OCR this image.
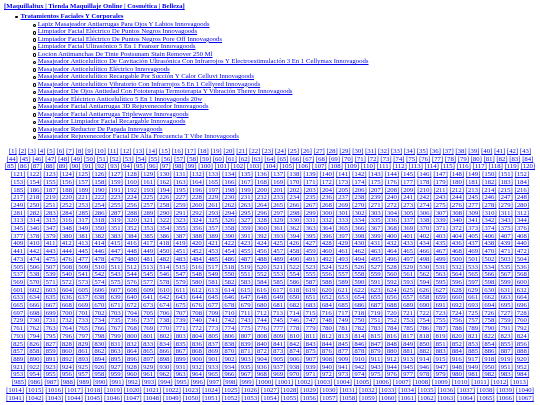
[Maquillaltux | Tienda Maquillaje Online | Cosmética | Belleza]
Tratamientos Faciales Y Corporales
Lapiz Masajeador Antiarrugas Para Ojos Y Labios Innovagoods
Limpiador Facial Eléctrico De Puntos Negros Innovagoods
Limpiador Facial Eléctrico De Puntos Negros Pore Off Innovagoods
Limpiador Facial Ultrasónico 5 En 1 Feanser Innovagoods
Locion Antimanchas De Tinte Postsunam Stain Remover 250 Ml
Masajeador Anticelulítico De Cavitación Ultrasónica Con Infrarrojos Y Electroestimulación 3 En 1 Cellymax Innovagoods
Masajeador Anticelulítico Eléctrico Innovagoods
Masajeador Anticelulítico Recargable Por Succión Y Calor Celluvt Innovagoods
Masajeador Anticelulítico Vibratorio Con Infrarrojos 5 En 1 Cellyred Innovagoods
Masajeador De Ojos Antiedad Con Fototerapia Termoterapia Y Vibración Therey Innovagoods
Masajeador Eléctrico Anticelulítico 5 En 1 Innovagoods 20w
Masajeador Facial Antiarrugas 3D Rejuvenecedor Innovagoods
Masajeador Facial Antiarrugas Triplewave Innovagoods
Masajeador Limpiador Facial Recargable Innovagoods
Masajeador Reductor De Papada Innovagoods
Masajeador Rejuvenecedor Facial De Alta Frecuencia T Vibe Innovagoods
[1] [2] [3] [4] [5] [6] [7] [8] [9] [10] [11] [12] [13] [14] [15] [16] [17] [18] [19] [20] [21] [22] [23] [24] [25] [26] [27] [28] [29] [30] [31] [32] [33] [34] [35] [36] [37] [38] [39] [40] [41] [42] [43] [44] [45] [46] [47] [48] [49] [50] [51] [52] [53] [54] [55] [56] [57] [58] [59] [60] [61] [62] [63] [64] [65] [66] [67] [68] [69] [70] [71] [72] [73] [74] [75] [76] [77] [78] [79] [80] [81] [82] [83] [84] [85] [86] [87] [88] [89] [90] [91] [92] [93] [94] [95] [96] [97] [98] [99] [100] [101] [102] [103] [104] [105] [106] [107] [108] [109] [110] [111] [112] [113] [114] [115] [116] [117] [118] [119] [120] [121] [122] [123] [124] [125] [126] [127] [128] [129] [130] [131] [132] [133] [134] [135] [136] [137] [138] [139] [140] [141] [142] [143] [144] [145] [146] [147] [148] [149] [150] [151] [152] [153] [154] [155] [156] [157] [158] [159] [160] [161] [162] [163] [164] [165] [166] [167] [168] [169] [170] [171] [172] [173] [174] [175] [176] [177] [178] [179] [180] [181] [182] [183] [184] [185] [186] [187] [188] [189] [190] [191] [192] [193] [194] [195] [196] [197] [198] [199] [200] [201] [202] [203] [204] [205] [206] [207] [208] [209] [210] [211] [212] [213] [214] [215] [216] [217] [218] [219] [220] [221] [222] [223] [224] [225] [226] [227] [228] [229] [230] [231] [232] [233] [234] [235] [236] [237] [238] [239] [240] [241] [242] [243] [244] [245] [246] [247] [248] [249] [250] [251] [252] [253] [254] [255] [256] [257] [258] [259] [260] [261] [262] [263] [264] [265] [266] [267] [268] [269] [270] [271] [272] [273] [274] [275] [276] [277] [278] [279] [280] [281] [282] [283] [284] [285] [286] [287] [288] [289] [290] [291] [292] [293] [294] [295] [296] [297] [298] [299] [300] [301] [302] [303] [304] [305] [306] [307] [308] [309] [310] [311] [312] [313] [314] [315] [316] [317] [318] [319] [320] [321] [322] [323] [324] [325] [326] [327] [328] [329] [330] [331] [332] [333] [334] [335] [336] [337] [338] [339] [340] [341] [342] [343] [344] [345] [346] [347] [348] [349] [350] [351] [352] [353] [354] [355] [356] [357] [358] [359] [360] [361] [362] [363] [364] [365] [366] [367] [368] [369] [370] [371] [372] [373] [374] [375] [376] [377] [378] [379] [380] [381] [382] [383] [384] [385] [386] [387] [388] [389] [390] [391] [392] [393] [394] [395] [396] [397] [398] [399] [400] [401] [402] [403] [404] [405] [406] [407] [408] [409] [410] [411] [412] [413] [414] [415] [416] [417] [418] [419] [420] [421] [422] [423] [424] [425] [426] [427] [428] [429] [430] [431] [432] [433] [434] [435] [436] [437] [438] [439] [440] [441] [442] [443] [444] [445] [446] [447] [448] [449] [450] [451] [452] [453] [454] [455] [456] [457] [458] [459] [460] [461] [462] [463] [464] [465] [466] [467] [468] [469] [470] [471] [472] [473] [474] [475] [476] [477] [478] [479] [480] [481] [482] [483] [484] [485] [486] [487] [488] [489] [490] [491] [492] [493] [494] [495] [496] [497] [498] [499] [500] [501] [502] [503] [504] [505] [506] [507] [508] [509] [510] [511] [512] [513] [514] [515] [516] [517] [518] [519] [520] [521] [522] [523] [524] [525] [526] [527] [528] [529] [530] [531] [532] [533] [534] [535] [536] [537] [538] [539] [540] [541] [542] [543] [544] [545] [546] [547] [548] [549] [550] [551] [552] [553] [554] [555] [556] [557] [558] [559] [560] [561] [562] [563] [564] [565] [566] [567] [568] [569] [570] [571] [572] [573] [574] [575] [576] [577] [578] [579] [580] [581] [582] [583] [584] [585] [586] [587] [588] [589] [590] [591] [592] [593] [594] [595] [596] [597] [598] [599] [600] [601] [602] [603] [604] [605] [606] [607] [608] [609] [610] [611] [612] [613] [614] [615] [616] [617] [618] [619] [620] [621] [622] [623] [624] [625] [626] [627] [628] [629] [630] [631] [632] [633] [634] [635] [636] [637] [638] [639] [640] [641] [642] [643] [644] [645] [646] [647] [648] [649] [650] [651] [652] [653] [654] [655] [656] [657] [658] [659] [660] [661] [662] [663] [664] [665] [666] [667] [668] [669] [670] [671] [672] [673] [674] [675] [676] [677] [678] [679] [680] [681] [682] [683] [684] [685] [686] [687] [688] [689] [690] [691] [692] [693] [694] [695] [696] [697] [698] [699] [700] [701] [702] [703] [704] [705] [706] [707] [708] [709] [710] [711] [712] [713] [714] [715] [716] [717] [718] [719] [720] [721] [722] [723] [724] [725] [726] [727] [728] [729] [730] [731] [732] [733] [734] [735] [736] [737] [738] [739] [740] [741] [742] [743] [744] [745] [746] [747] [748] [749] [750] [751] [752] [753] [754] [755] [756] [757] [758] [759] [760] [761] [762] [763] [764] [765] [766] [767] [768] [769] [770] [771] [772] [773] [774] [775] [776] [777] [778] [779] [780] [781] [782] [783] [784] [785] [786] [787] [788] [789] [790] [791] [792] [793] [794] [795] [796] [797] [798] [799] [800] [801] [802] [803] [804] [805] [806] [807] [808] [809] [810] [811] [812] [813] [814] [815] [816] [817] [818] [819] [820] [821] [822] [823] [824] [825] [826] [827] [828] [829] [830] [831] [832] [833] [834] [835] [836] [837] [838] [839] [840] [841] [842] [843] [844] [845] [846] [847] [848] [849] [850] [851] [852] [853] [854] [855] [856] [857] [858] [859] [860] [861] [862] [863] [864] [865] [866] [867] [868] [869] [870] [871] [872] [873] [874] [875] [876] [877] [878] [879] [880] [881] [882] [883] [884] [885] [886] [887] [888] [889] [890] [891] [892] [893] [894] [895] [896] [897] [898] [899] [900] [901] [902] [903] [904] [905] [906] [907] [908] [909] [910] [911] [912] [913] [914] [915] [916] [917] [918] [919] [920] [921] [922] [923] [924] [925] [926] [927] [928] [929] [930] [931] [932] [933] [934] [935] [936] [937] [938] [939] [940] [941] [942] [943] [944] [945] [946] [947] [948] [949] [950] [951] [952] [953] [954] [955] [956] [957] [958] [959] [960] [961] [962] [963] [964] [965] [966] [967] [968] [969] [970] [971] [972] [973] [974] [975] [976] [977] [978] [979] [980] [981] [982] [983] [984] [985] [986] [987] [988] [989] [990] [991] [992] [993] [994] [995] [996] [997] [998] [999] [1000] [1001] [1002] [1003] [1004] [1005] [1006] [1007] [1008] [1009] [1010] [1011] [1012] [1013] [1014] [1015] [1016] [1017] [1018] [1019] [1020] [1021] [1022] [1023] [1024] [1025] [1026] [1027] [1028] [1029] [1030] [1031] [1032] [1033] [1034] [1035] [1036] [1037] [1038] [1039] [1040] [1041] [1042] [1043] [1044] [1045] [1046] [1047] [1048] [1049] [1050] [1051] [1052] [1053] [1054] [1055] [1056] [1057] [1058] [1059] [1060] [1061] [1062] [1063] [1064] [1065] [1066] [1067]
